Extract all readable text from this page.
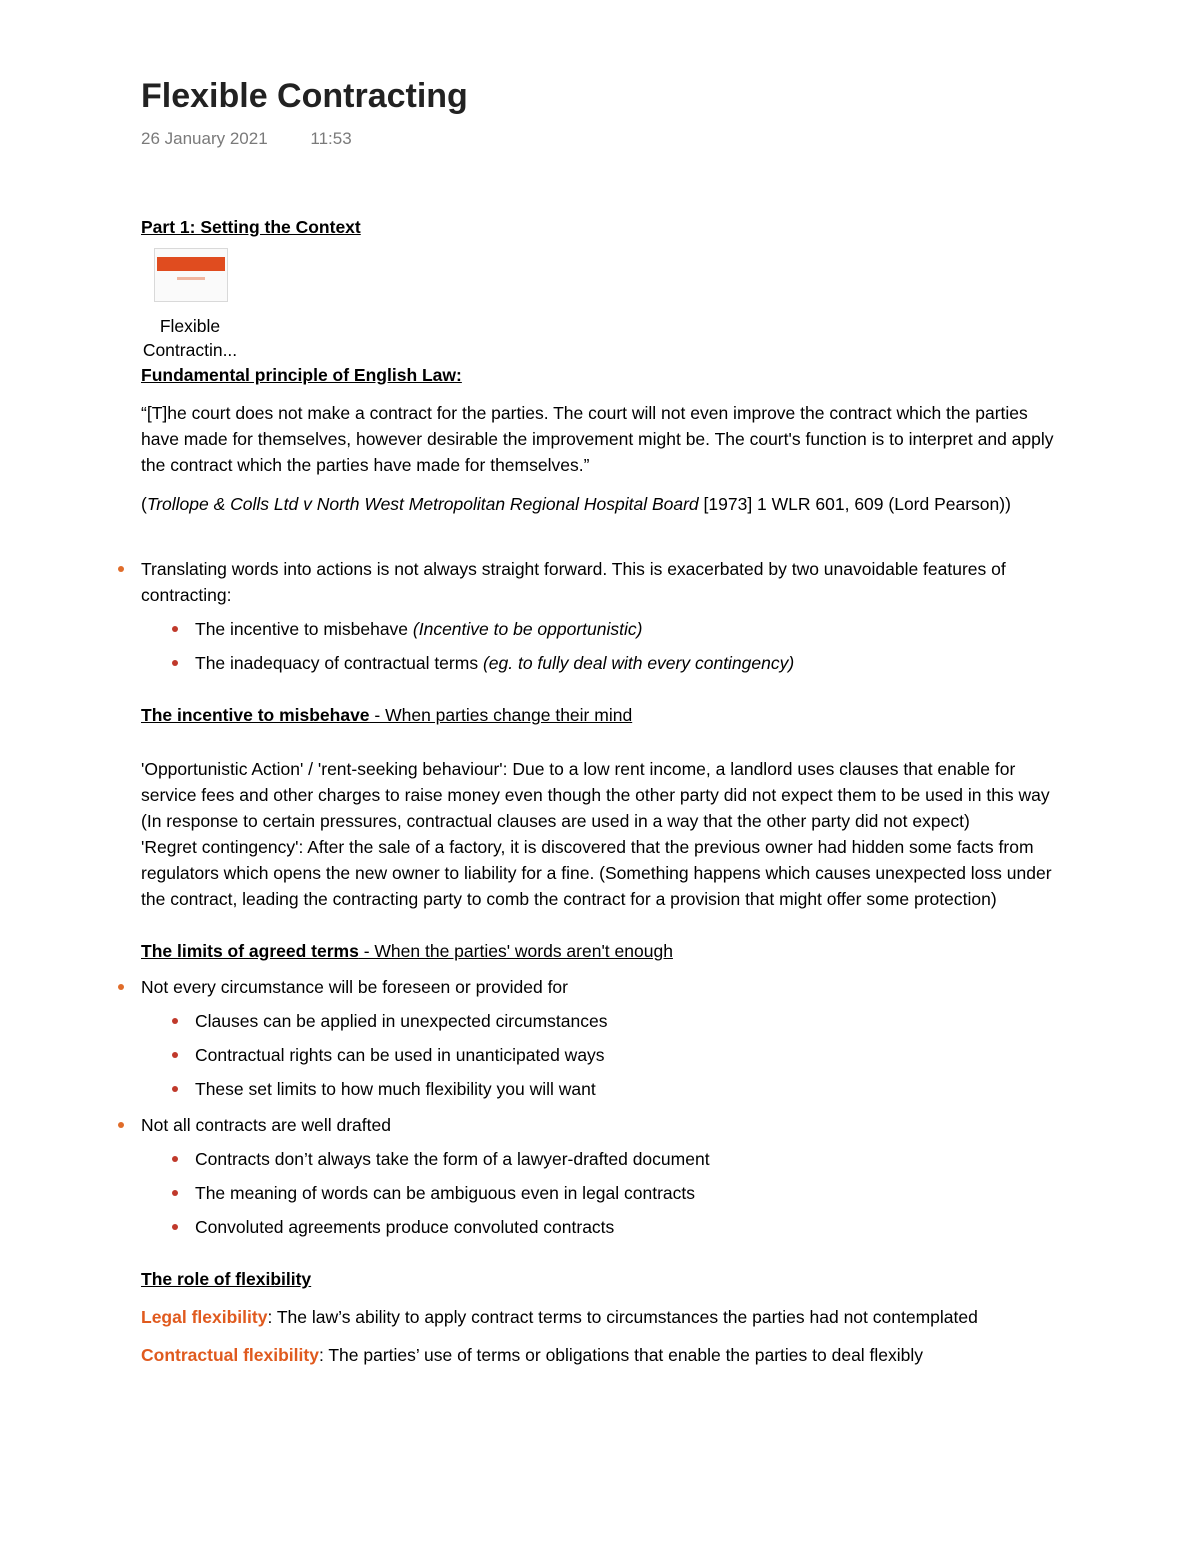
Flexible Contracting
26 January 2021	11:53
Part 1: Setting the Context
Flexible Contractin...
Fundamental principle of English Law:

“[T]he court does not make a contract for the parties. The court will not even improve the contract which the parties have made for themselves, however desirable the improvement might be. The court's function is to interpret and apply the contract which the parties have made for themselves.”

(Trollope & Colls Ltd v North West Metropolitan Regional Hospital Board [1973] 1 WLR 601, 609 (Lord Pearson))

Translating words into actions is not always straight forward. This is exacerbated by two unavoidable features of contracting:
The incentive to misbehave (Incentive to be opportunistic)
The inadequacy of contractual terms (eg. to fully deal with every contingency)
The incentive to misbehave - When parties change their mind

'Opportunistic Action' / 'rent-seeking behaviour': Due to a low rent income, a landlord uses clauses that enable for service fees and other charges to raise money even though the other party did not expect them to be used in this way (In response to certain pressures, contractual clauses are used in a way that the other party did not expect)

'Regret contingency': After the sale of a factory, it is discovered that the previous owner had hidden some facts from regulators which opens the new owner to liability for a fine. (Something happens which causes unexpected loss under the contract, leading the contracting party to comb the contract for a provision that might offer some protection)

The limits of agreed terms - When the parties' words aren't enough
Not every circumstance will be foreseen or provided for
Clauses can be applied in unexpected circumstances
Contractual rights can be used in unanticipated ways
These set limits to how much flexibility you will want
Not all contracts are well drafted
Contracts don’t always take the form of a lawyer-drafted document
The meaning of words can be ambiguous even in legal contracts
Convoluted agreements produce convoluted contracts
The role of flexibility

Legal flexibility: The law’s ability to apply contract terms to circumstances the parties had not contemplated

Contractual flexibility: The parties’ use of terms or obligations that enable the parties to deal flexibly
